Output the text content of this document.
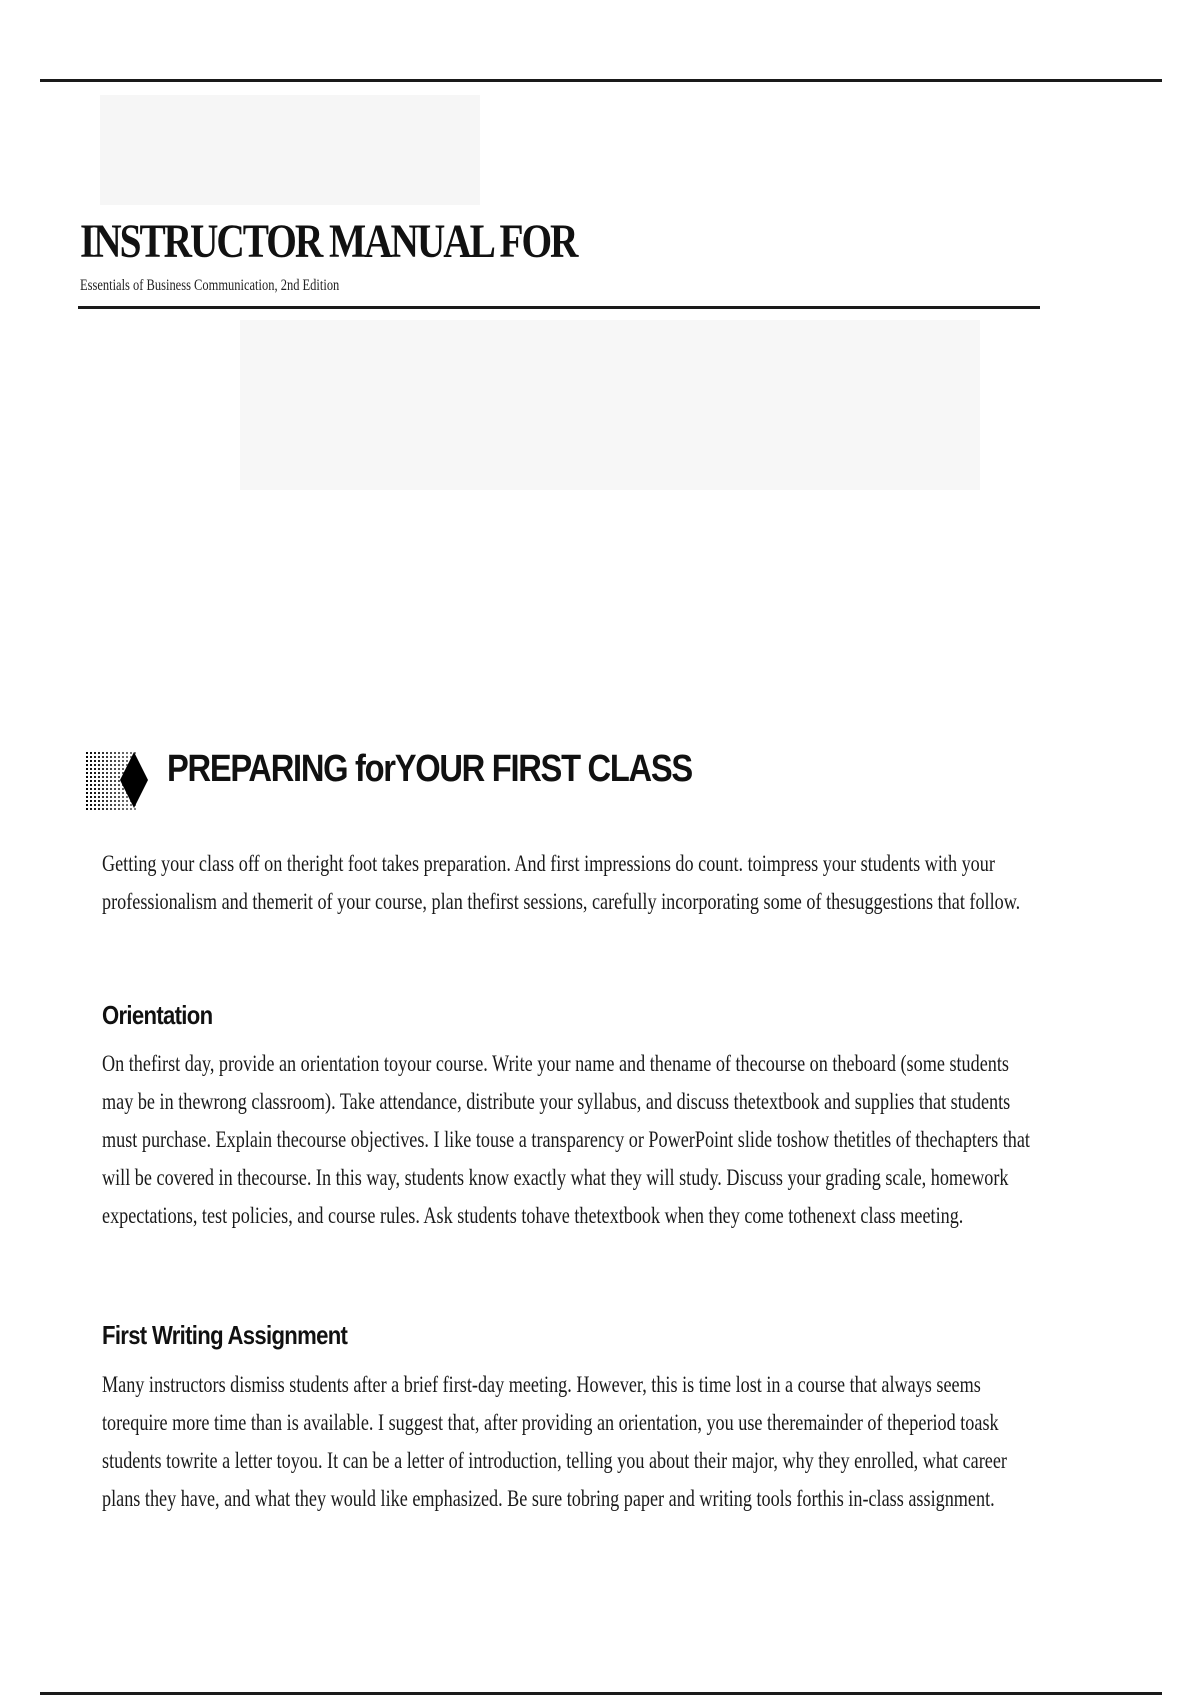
INSTRUCTOR MANUAL FOR
Essentials of Business Communication, 2nd Edition
PREPARING forYOUR FIRST CLASS

Getting your class off on theright foot takes preparation. And first impressions do count. toimpress your students with your professionalism and themerit of your course, plan thefirst sessions, carefully incorporating some of thesuggestions that follow.

Orientation

On thefirst day, provide an orientation toyour course. Write your name and thename of thecourse on theboard (some students may be in thewrong classroom). Take attendance, distribute your syllabus, and discuss thetextbook and supplies that students must purchase. Explain thecourse objectives. I like touse a transparency or PowerPoint slide toshow thetitles of thechapters that will be covered in thecourse. In this way, students know exactly what they will study. Discuss your grading scale, homework expectations, test policies, and course rules. Ask students tohave thetextbook when they come tothenext class meeting.

First Writing Assignment

Many instructors dismiss students after a brief first-day meeting. However, this is time lost in a course that always seems torequire more time than is available. I suggest that, after providing an orientation, you use theremainder of theperiod toask students towrite a letter toyou. It can be a letter of introduction, telling you about their major, why they enrolled, what career plans they have, and what they would like emphasized. Be sure tobring paper and writing tools forthis in-class assignment.
